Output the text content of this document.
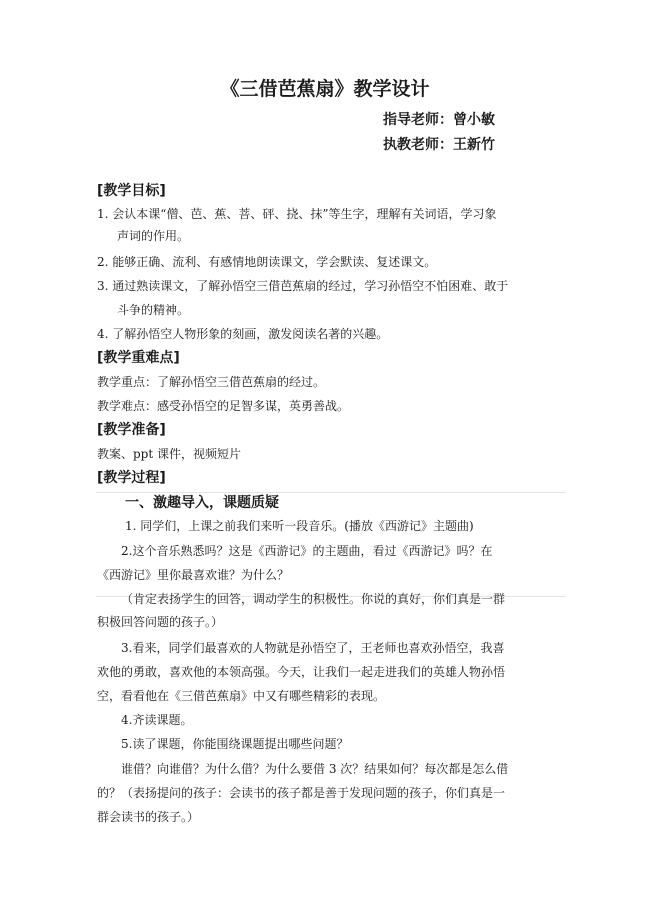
《三借芭蕉扇》教学设计
指导老师：曾小敏
执教老师：王新竹
[教学目标]
1. 会认本课“僧、芭、蕉、菩、砰、挠、抹”等生字，理解有关词语，学习象
声词的作用。
2. 能够正确、流利、有感情地朗读课文，学会默读、复述课文。
3. 通过熟读课文，了解孙悟空三借芭蕉扇的经过，学习孙悟空不怕困难、敢于
斗争的精神。
4. 了解孙悟空人物形象的刻画，激发阅读名著的兴趣。
[教学重难点]
教学重点：了解孙悟空三借芭蕉扇的经过。
教学难点：感受孙悟空的足智多谋，英勇善战。
[教学准备]
教案、ppt 课件，视频短片
[教学过程]
一、激趣导入，课题质疑
1. 同学们，上课之前我们来听一段音乐。(播放《西游记》主题曲)
2.这个音乐熟悉吗？这是《西游记》的主题曲，看过《西游记》吗？在
《西游记》里你最喜欢谁？为什么？
（肯定表扬学生的回答，调动学生的积极性。你说的真好，你们真是一群
积极回答问题的孩子。）
3.看来，同学们最喜欢的人物就是孙悟空了，王老师也喜欢孙悟空，我喜
欢他的勇敢，喜欢他的本领高强。今天，让我们一起走进我们的英雄人物孙悟
空，看看他在《三借芭蕉扇》中又有哪些精彩的表现。
4.齐读课题。
5.读了课题，你能围绕课题提出哪些问题？
谁借？向谁借？为什么借？为什么要借 3 次？结果如何？每次都是怎么借
的？（表扬提问的孩子：会读书的孩子都是善于发现问题的孩子，你们真是一
群会读书的孩子。）
